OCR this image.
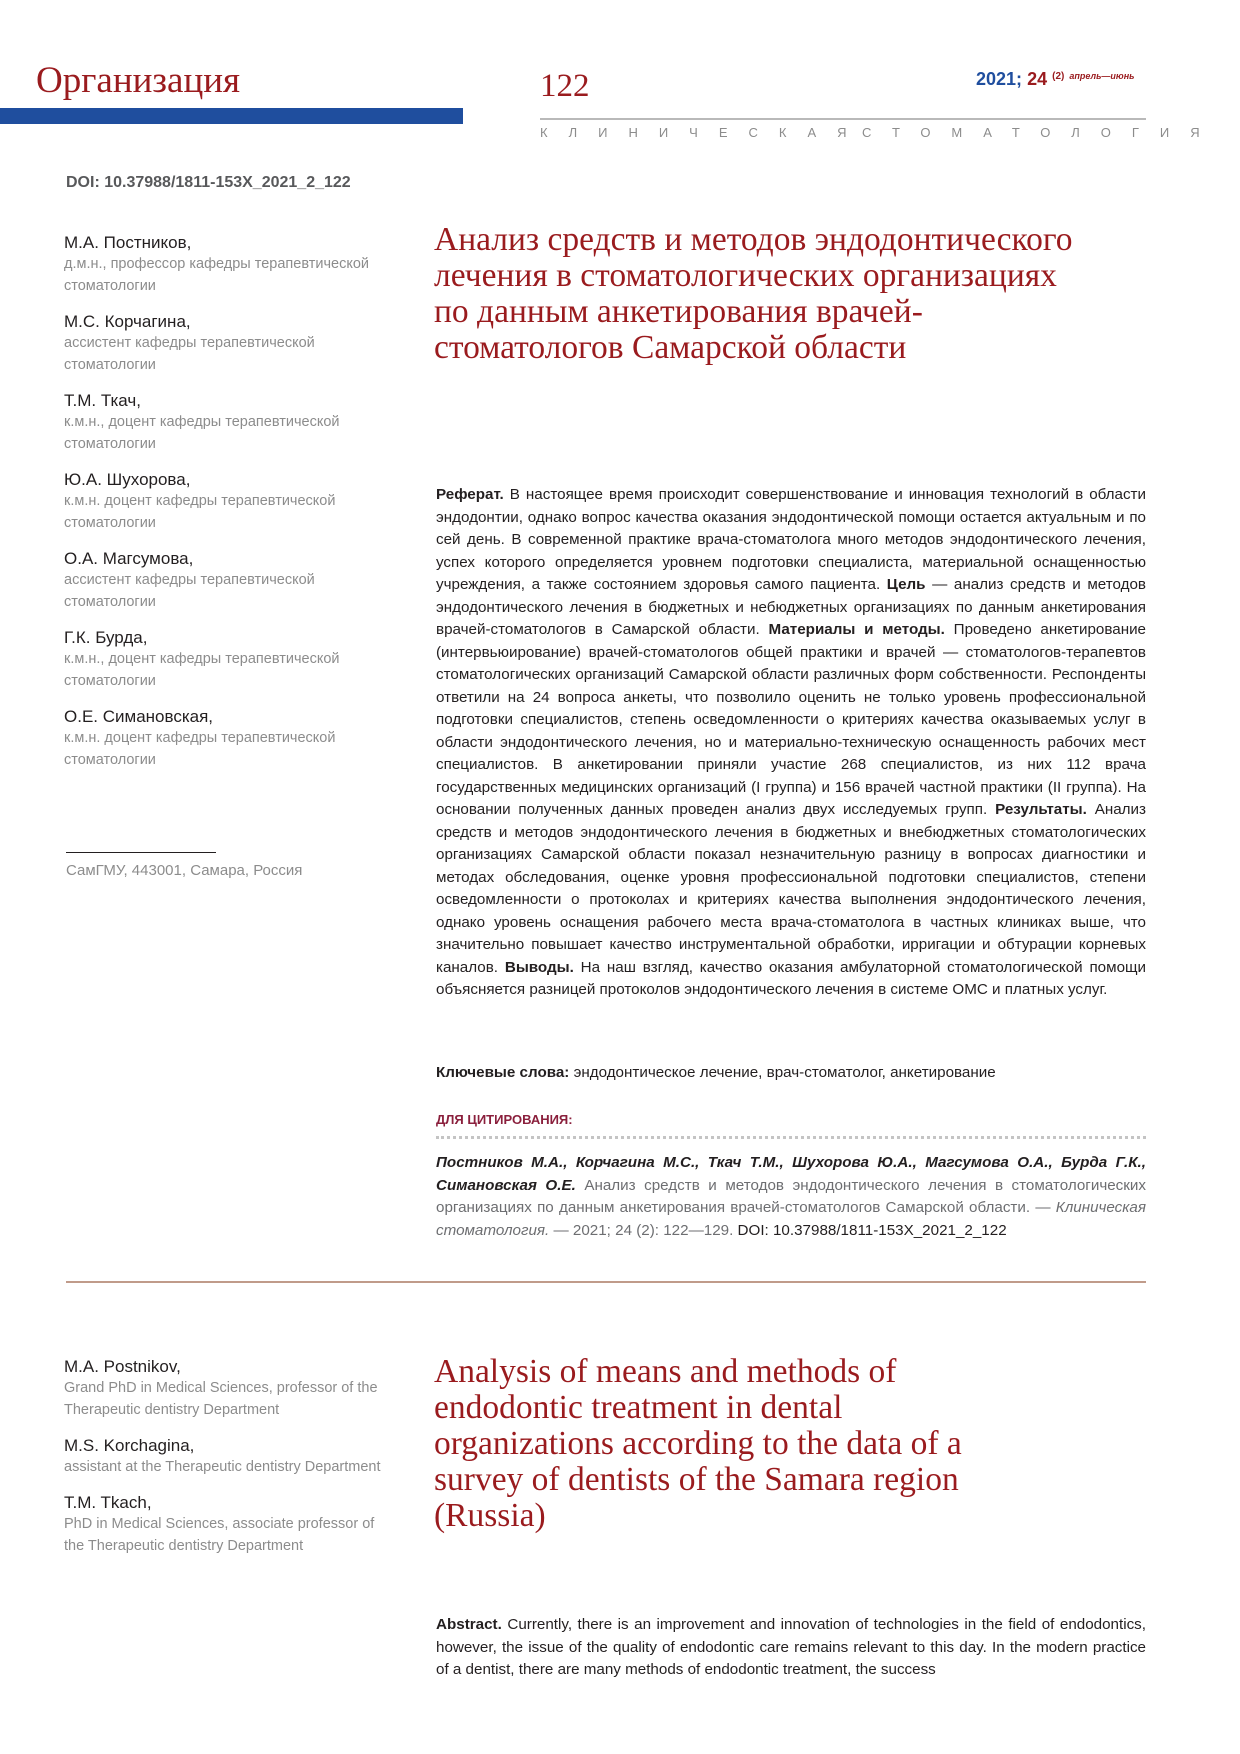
Организация	122	2021; 24 $^{(2)}$ $^{апрель—июнь}$
КЛИНИЧЕСКАЯ
СТОМАТОЛОГИЯ
DOI: 10.37988/1811-153X_2021_2_122
М.А. Постников,
д.м.н., профессор кафедры терапевтической стоматологии
М.С. Корчагина,
ассистент кафедры терапевтической стоматологии
Т.М. Ткач,
к.м.н., доцент кафедры терапевтической стоматологии
Ю.А. Шухорова,
к.м.н. доцент кафедры терапевтической стоматологии
О.А. Магсумова,
ассистент кафедры терапевтической стоматологии
Г.К. Бурда,
к.м.н., доцент кафедры терапевтической стоматологии
О.Е. Симановская,
к.м.н. доцент кафедры терапевтической стоматологии
СамГМУ, 443001, Самара, Россия
Анализ средств и методов эндодонтического лечения в стоматологических организациях по данным анкетирования врачей-стоматологов Самарской области

Реферат. В настоящее время происходит совершенствование и инновация технологий в области эндодонтии, однако вопрос качества оказания эндодонтической помощи остается актуальным и по сей день. В современной практике врача-стоматолога много методов эндодонтического лечения, успех которого определяется уровнем подготовки специалиста, материальной оснащенностью учреждения, а также состоянием здоровья самого пациента. Цель — анализ средств и методов эндодонтического лечения в бюджетных и небюджетных организациях по данным анкетирования врачей-стоматологов в Самарской области. Материалы и методы. Проведено анкетирование (интервьюирование) врачей-стоматологов общей практики и врачей — стоматологов-терапевтов стоматологических организаций Самарской области различных форм собственности. Респонденты ответили на 24 вопроса анкеты, что позволило оценить не только уровень профессиональной подготовки специалистов, степень осведомленности о критериях качества оказываемых услуг в области эндодонтического лечения, но и материально-техническую оснащенность рабочих мест специалистов. В анкетировании приняли участие 268 специалистов, из них 112 врача государственных медицинских организаций (I группа) и 156 врачей частной практики (II группа). На основании полученных данных проведен анализ двух исследуемых групп. Результаты. Анализ средств и методов эндодонтического лечения в бюджетных и внебюджетных стоматологических организациях Самарской области показал незначительную разницу в вопросах диагностики и методах обследования, оценке уровня профессиональной подготовки специалистов, степени осведомленности о протоколах и критериях качества выполнения эндодонтического лечения, однако уровень оснащения рабочего места врача-стоматолога в частных клиниках выше, что значительно повышает качество инструментальной обработки, ирригации и обтурации корневых каналов. Выводы. На наш взгляд, качество оказания амбулаторной стоматологической помощи объясняется разницей протоколов эндодонтического лечения в системе ОМС и платных услуг.

Ключевые слова: эндодонтическое лечение, врач-стоматолог, анкетирование
ДЛЯ ЦИТИРОВАНИЯ:

Постников М.А., Корчагина М.С., Ткач Т.М., Шухорова Ю.А., Магсумова О.А., Бурда Г.К., Симановская О.Е. Анализ средств и методов эндодонтического лечения в стоматологических организациях по данным анкетирования врачей-стоматологов Самарской области. — Клиническая стоматология. — 2021; 24 (2): 122—129. DOI: 10.37988/1811-153X_2021_2_122

M.A. Postnikov,
Grand PhD in Medical Sciences, professor of the Therapeutic dentistry Department
M.S. Korchagina,
assistant at the Therapeutic dentistry Department
T.M. Tkach,
PhD in Medical Sciences, associate professor of the Therapeutic dentistry Department
Analysis of means and methods of endodontic treatment in dental organizations according to the data of a survey of dentists of the Samara region (Russia)

Abstract. Currently, there is an improvement and innovation of technologies in the field of endodontics, however, the issue of the quality of endodontic care remains relevant to this day. In the modern practice of a dentist, there are many methods of endodontic treatment, the success
